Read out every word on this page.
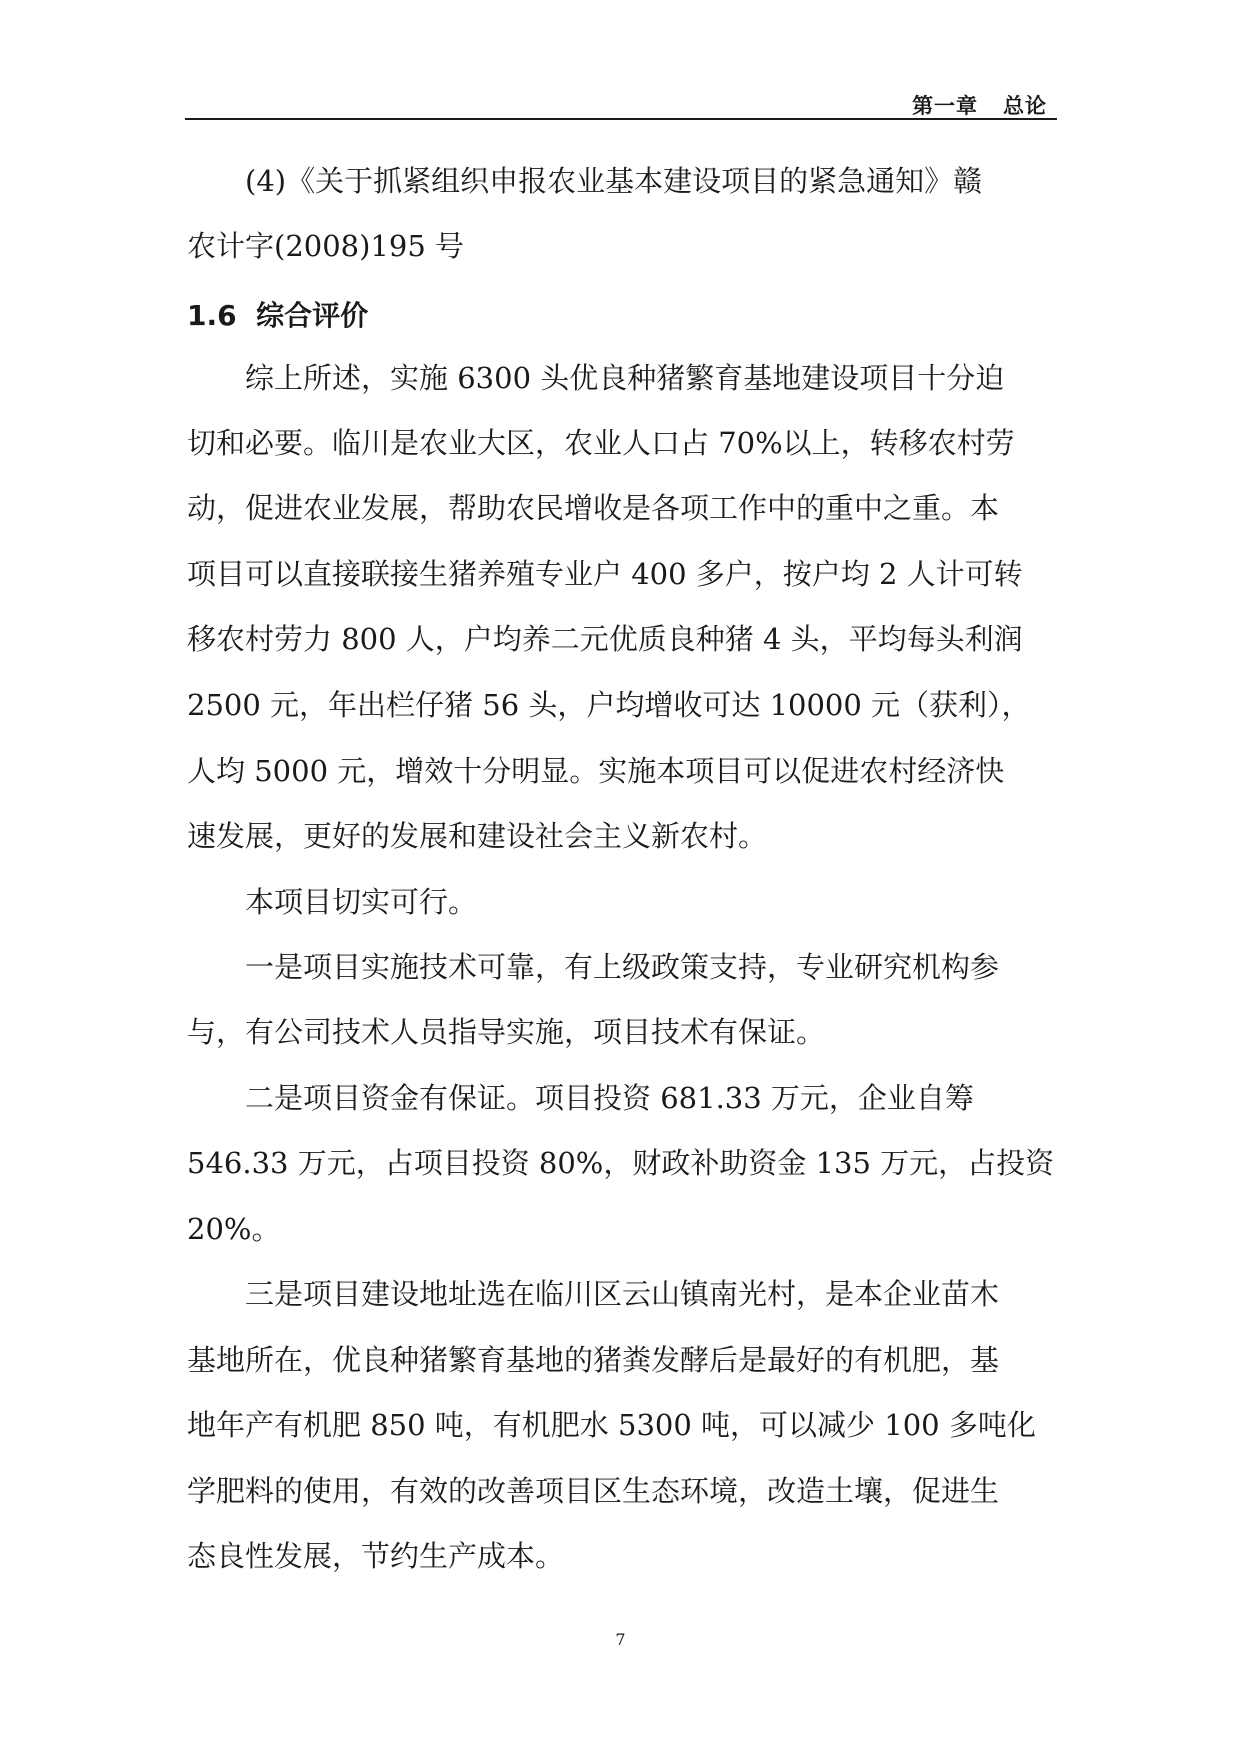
第一章   总论
(4)《关于抓紧组织申报农业基本建设项目的紧急通知》赣
农计字(2008)195 号
1.6  综合评价
综上所述，实施 6300 头优良种猪繁育基地建设项目十分迫
切和必要。临川是农业大区，农业人口占 70%以上，转移农村劳
动，促进农业发展，帮助农民增收是各项工作中的重中之重。本
项目可以直接联接生猪养殖专业户 400 多户，按户均 2 人计可转
移农村劳力 800 人，户均养二元优质良种猪 4 头，平均每头利润
2500 元，年出栏仔猪 56 头，户均增收可达 10000 元（获利），
人均 5000 元，增效十分明显。实施本项目可以促进农村经济快
速发展，更好的发展和建设社会主义新农村。
本项目切实可行。
一是项目实施技术可靠，有上级政策支持，专业研究机构参
与，有公司技术人员指导实施，项目技术有保证。
二是项目资金有保证。项目投资 681.33 万元，企业自筹
546.33 万元，占项目投资 80%，财政补助资金 135 万元，占投资
20%。
三是项目建设地址选在临川区云山镇南光村，是本企业苗木
基地所在，优良种猪繁育基地的猪粪发酵后是最好的有机肥，基
地年产有机肥 850 吨，有机肥水 5300 吨，可以减少 100 多吨化
学肥料的使用，有效的改善项目区生态环境，改造土壤，促进生
态良性发展，节约生产成本。
7
